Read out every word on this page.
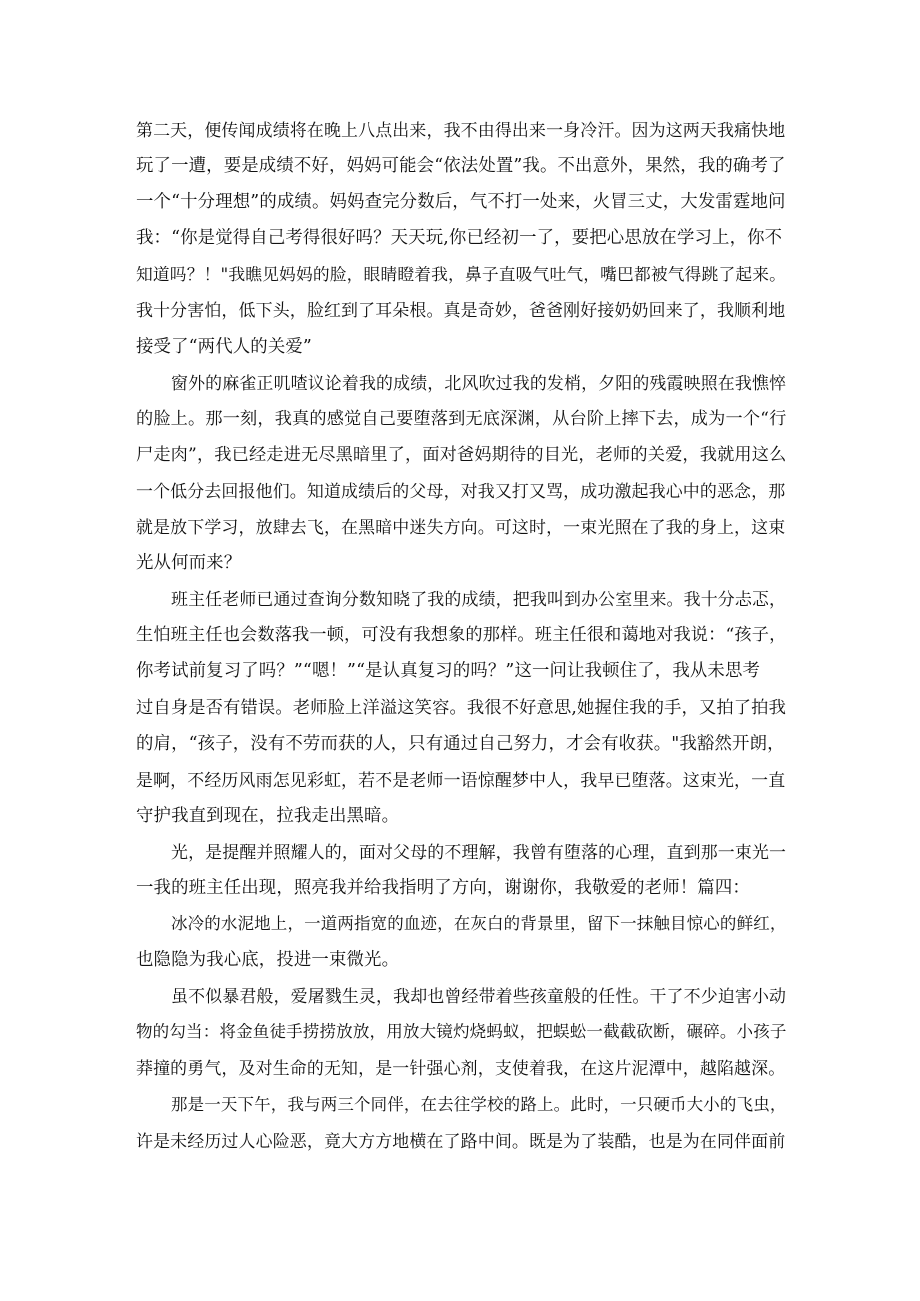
第二天，便传闻成绩将在晚上八点出来，我不由得出来一身冷汗。因为这两天我痛快地
玩了一遭，要是成绩不好，妈妈可能会“依法处置”我。不出意外，果然，我的确考了
一个“十分理想”的成绩。妈妈查完分数后，气不打一处来，火冒三丈，大发雷霆地问
我：“你是觉得自己考得很好吗？天天玩,你已经初一了，要把心思放在学习上，你不
知道吗？！"我瞧见妈妈的脸，眼睛瞪着我，鼻子直吸气吐气，嘴巴都被气得跳了起来。
我十分害怕，低下头，脸红到了耳朵根。真是奇妙，爸爸刚好接奶奶回来了，我顺利地
接受了“两代人的关爱”

窗外的麻雀正叽喳议论着我的成绩，北风吹过我的发梢，夕阳的残霞映照在我憔悴
的脸上。那一刻，我真的感觉自己要堕落到无底深渊，从台阶上摔下去，成为一个“行
尸走肉”，我已经走进无尽黑暗里了，面对爸妈期待的目光，老师的关爱，我就用这么
一个低分去回报他们。知道成绩后的父母，对我又打又骂，成功激起我心中的恶念，那
就是放下学习，放肆去飞，在黑暗中迷失方向。可这时，一束光照在了我的身上，这束
光从何而来？

班主任老师已通过查询分数知晓了我的成绩，把我叫到办公室里来。我十分忐忑，
生怕班主任也会数落我一顿，可没有我想象的那样。班主任很和蔼地对我说：“孩子，
你考试前复习了吗？”“嗯！”“是认真复习的吗？”这一问让我顿住了，我从未思考
过自身是否有错误。老师脸上洋溢这笑容。我很不好意思,她握住我的手，又拍了拍我
的肩，“孩子，没有不劳而获的人，只有通过自己努力，才会有收获。"我豁然开朗，
是啊，不经历风雨怎见彩虹，若不是老师一语惊醒梦中人，我早已堕落。这束光，一直
守护我直到现在，拉我走出黑暗。

光，是提醒并照耀人的，面对父母的不理解，我曾有堕落的心理，直到那一束光一
一我的班主任出现，照亮我并给我指明了方向，谢谢你，我敬爱的老师！篇四：

冰冷的水泥地上，一道两指宽的血迹，在灰白的背景里，留下一抹触目惊心的鲜红，
也隐隐为我心底，投进一束微光。

虽不似暴君般，爱屠戮生灵，我却也曾经带着些孩童般的任性。干了不少迫害小动
物的勾当：将金鱼徒手捞捞放放，用放大镜灼烧蚂蚁，把蜈蚣一截截砍断，碾碎。小孩子
莽撞的勇气，及对生命的无知，是一针强心剂，支使着我，在这片泥潭中，越陷越深。

那是一天下午，我与两三个同伴，在去往学校的路上。此时，一只硬币大小的飞虫，
许是未经历过人心险恶，竟大方方地横在了路中间。既是为了装酷，也是为在同伴面前
